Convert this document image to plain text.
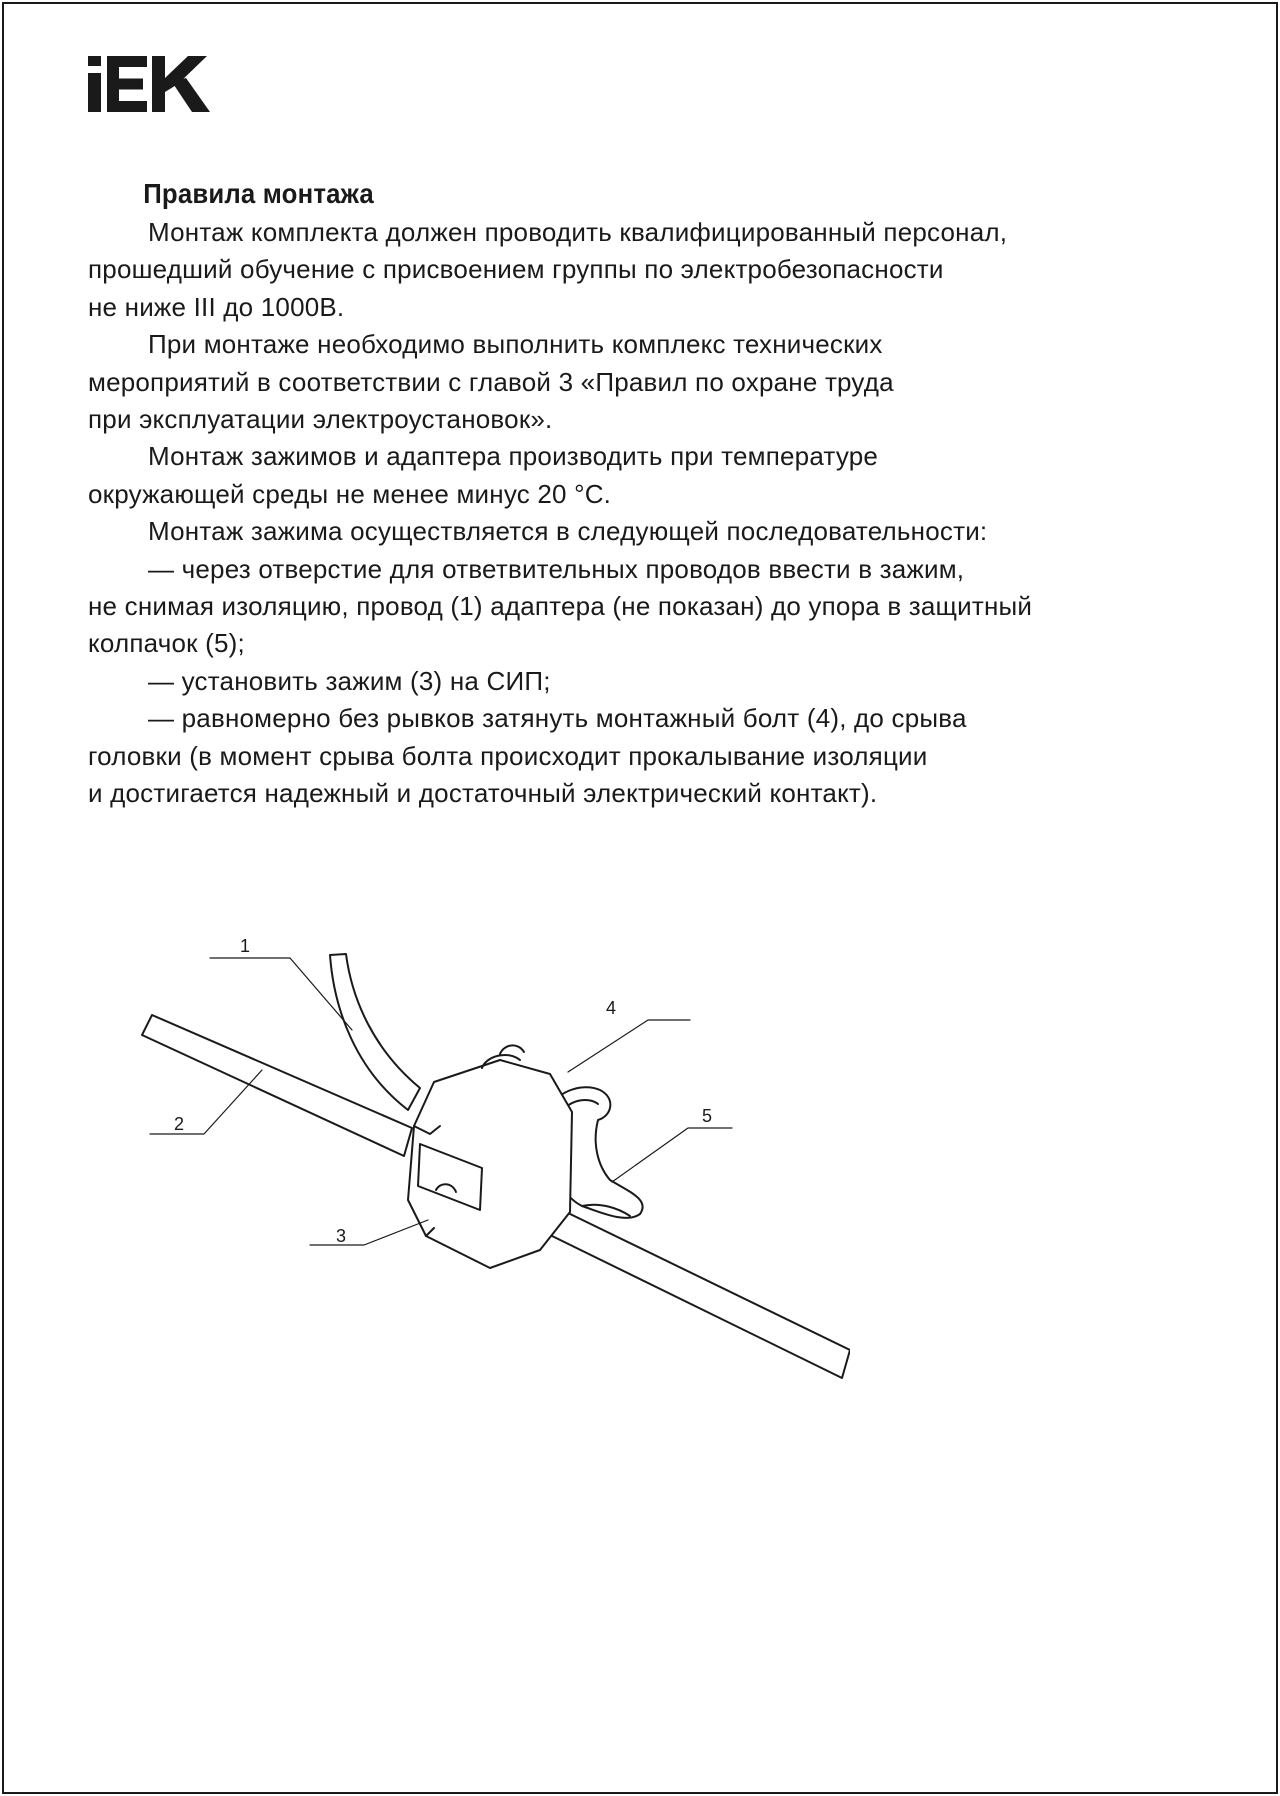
Правила монтажа

Монтаж комплекта должен проводить квалифицированный персонал,
прошедший обучение с присвоением группы по электробезопасности
не ниже III до 1000В.

При монтаже необходимо выполнить комплекс технических
мероприятий в соответствии с главой 3 «Правил по охране труда
при эксплуатации электроустановок».

Монтаж зажимов и адаптера производить при температуре
окружающей среды не менее минус 20 °С.

Монтаж зажима осуществляется в следующей последовательности:

— через отверстие для ответвительных проводов ввести в зажим,
не снимая изоляцию, провод (1) адаптера (не показан) до упора в защитный
колпачок (5);

— установить зажим (3) на СИП;

— равномерно без рывков затянуть монтажный болт (4), до срыва
головки (в момент срыва болта происходит прокалывание изоляции
и достигается надежный и достаточный электрический контакт).

1
2
3
4
5
